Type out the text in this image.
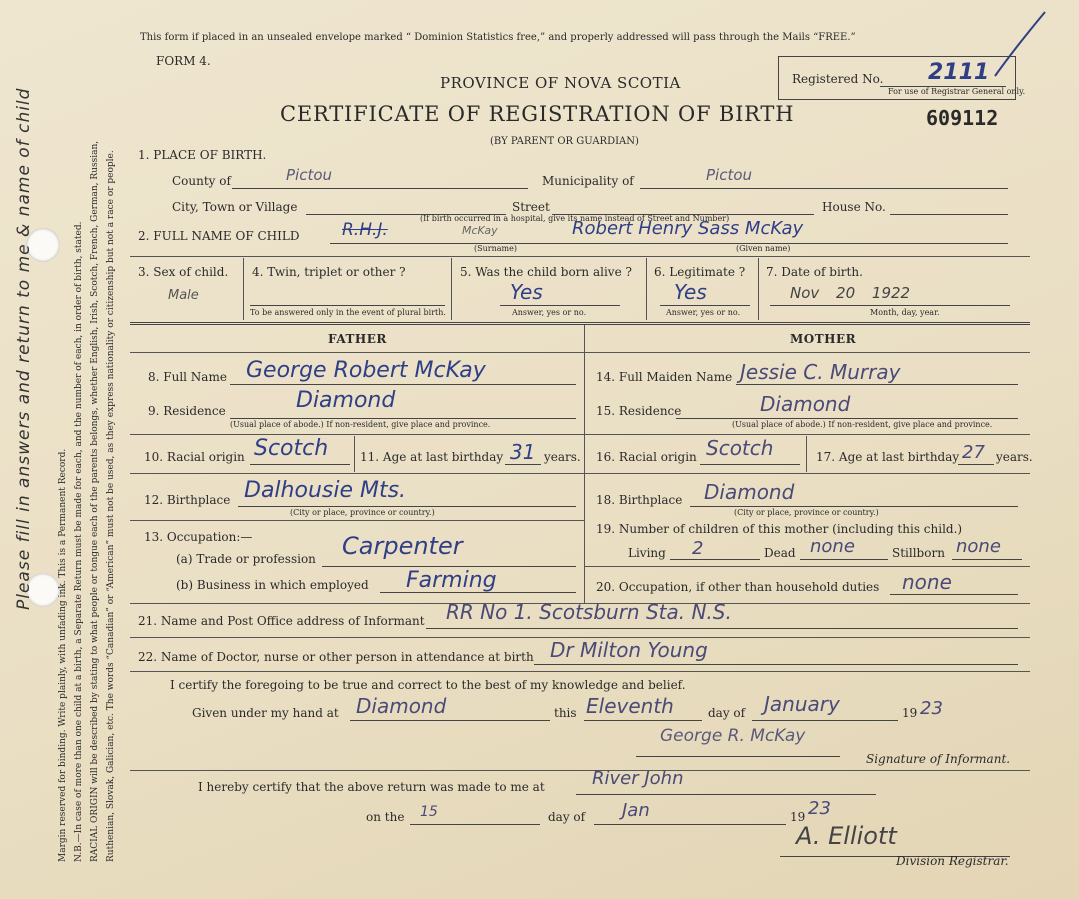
Margin reserved for binding. Write plainly, with unfading ink. This is a Permanent Record. N.B.—In case of more than one child at a birth, a Separate Return must be made for each, and the number of each, in order of birth, stated. RACIAL ORIGIN will be described by stating to what people or tongue each of the parents belongs, whether English, Irish, Scotch, French, German, Russian, Ruthenian, Slovak, Galician, etc. The words “Canadian” or “American” must not be used, as they express nationality or citizenship but not a race or people.
Please fill in answers and return to me & name of child
This form if placed in an unsealed envelope marked “ Dominion Statistics free,” and properly addressed will pass through the Mails “FREE.”
FORM 4.
PROVINCE OF NOVA SCOTIA
CERTIFICATE OF REGISTRATION OF BIRTH
(BY PARENT OR GUARDIAN)
Registered No. 2111
For use of Registrar General only.
609112
1. PLACE OF BIRTH.
County of	Pictou	Municipality of	Pictou
City, Town or Village	Street	House No.
(If birth occurred in a hospital, give its name instead of Street and Number)
2. FULL NAME OF CHILD	R.H.J.	McKay
(Surname)
Robert Henry Sass McKay
(Given name)
3. Sex of child.
Male
4. Twin, triplet or other ?
To be answered only in the event of plural birth.
5. Was the child born alive ?
Yes
Answer, yes or no.
6. Legitimate ?
Yes
Answer, yes or no.
7. Date of birth.
Nov 20 1922
Month, day, year.
FATHER	MOTHER
8. Full Name George Robert McKay
9. Residence	Diamond
(Usual place of abode.) If non-resident, give place and province.
10. Racial origin Scotch	11. Age at last birthday 31 years.
12. Birthplace Dalhousie Mts.
(City or place, province or country.)
13. Occupation:—
(a) Trade or profession Carpenter
(b) Business in which employed Farming
14. Full Maiden Name Jessie C. Murray
15. Residence	Diamond
(Usual place of abode.) If non-resident, give place and province.
16. Racial origin Scotch	17. Age at last birthday 27 years.
18. Birthplace Diamond
(City or place, province or country.)
19. Number of children of this mother (including this child.)
Living 2	Dead none	Stillborn none
20. Occupation, if other than household duties none
21. Name and Post Office address of Informant RR No 1. Scotsburn Sta. N.S.
22. Name of Doctor, nurse or other person in attendance at birth Dr Milton Young
I certify the foregoing to be true and correct to the best of my knowledge and belief.
Given under my hand at Diamond	this Eleventh	day of January	19 23
George R. McKay
Signature of Informant.
I hereby certify that the above return was made to me at	River John
on the 15	day of Jan	19 23
A. Elliott
Division Registrar.
